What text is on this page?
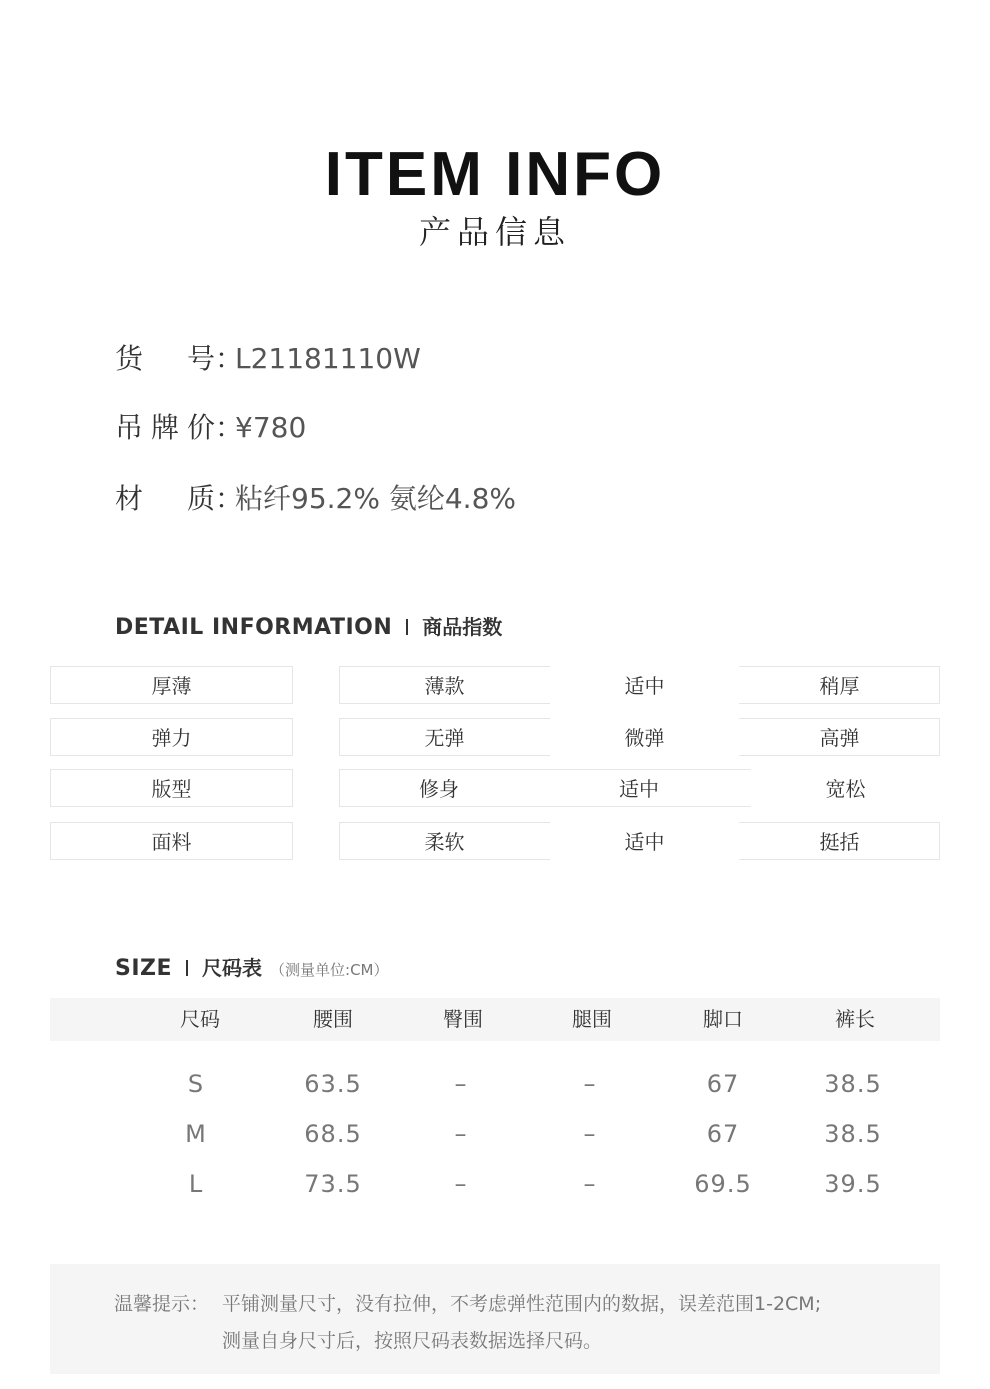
ITEM INFO
产品信息
货号：L21181110W
吊牌价：¥780
材质：粘纤95.2% 氨纶4.8%
DETAIL INFORMATION 商品指数
厚薄	薄款	适中	稍厚
弹力	无弹	微弹	高弹
版型	修身	适中	宽松
面料	柔软	适中	挺括
SIZE 尺码表 （测量单位:CM）
尺码	腰围	臀围	腿围	脚口	裤长
S	63.5	–	–	67	38.5
M	68.5	–	–	67	38.5
L	73.5	–	–	69.5	39.5
温馨提示： 平铺测量尺寸，没有拉伸，不考虑弹性范围内的数据，误差范围1-2CM;
测量自身尺寸后，按照尺码表数据选择尺码。
